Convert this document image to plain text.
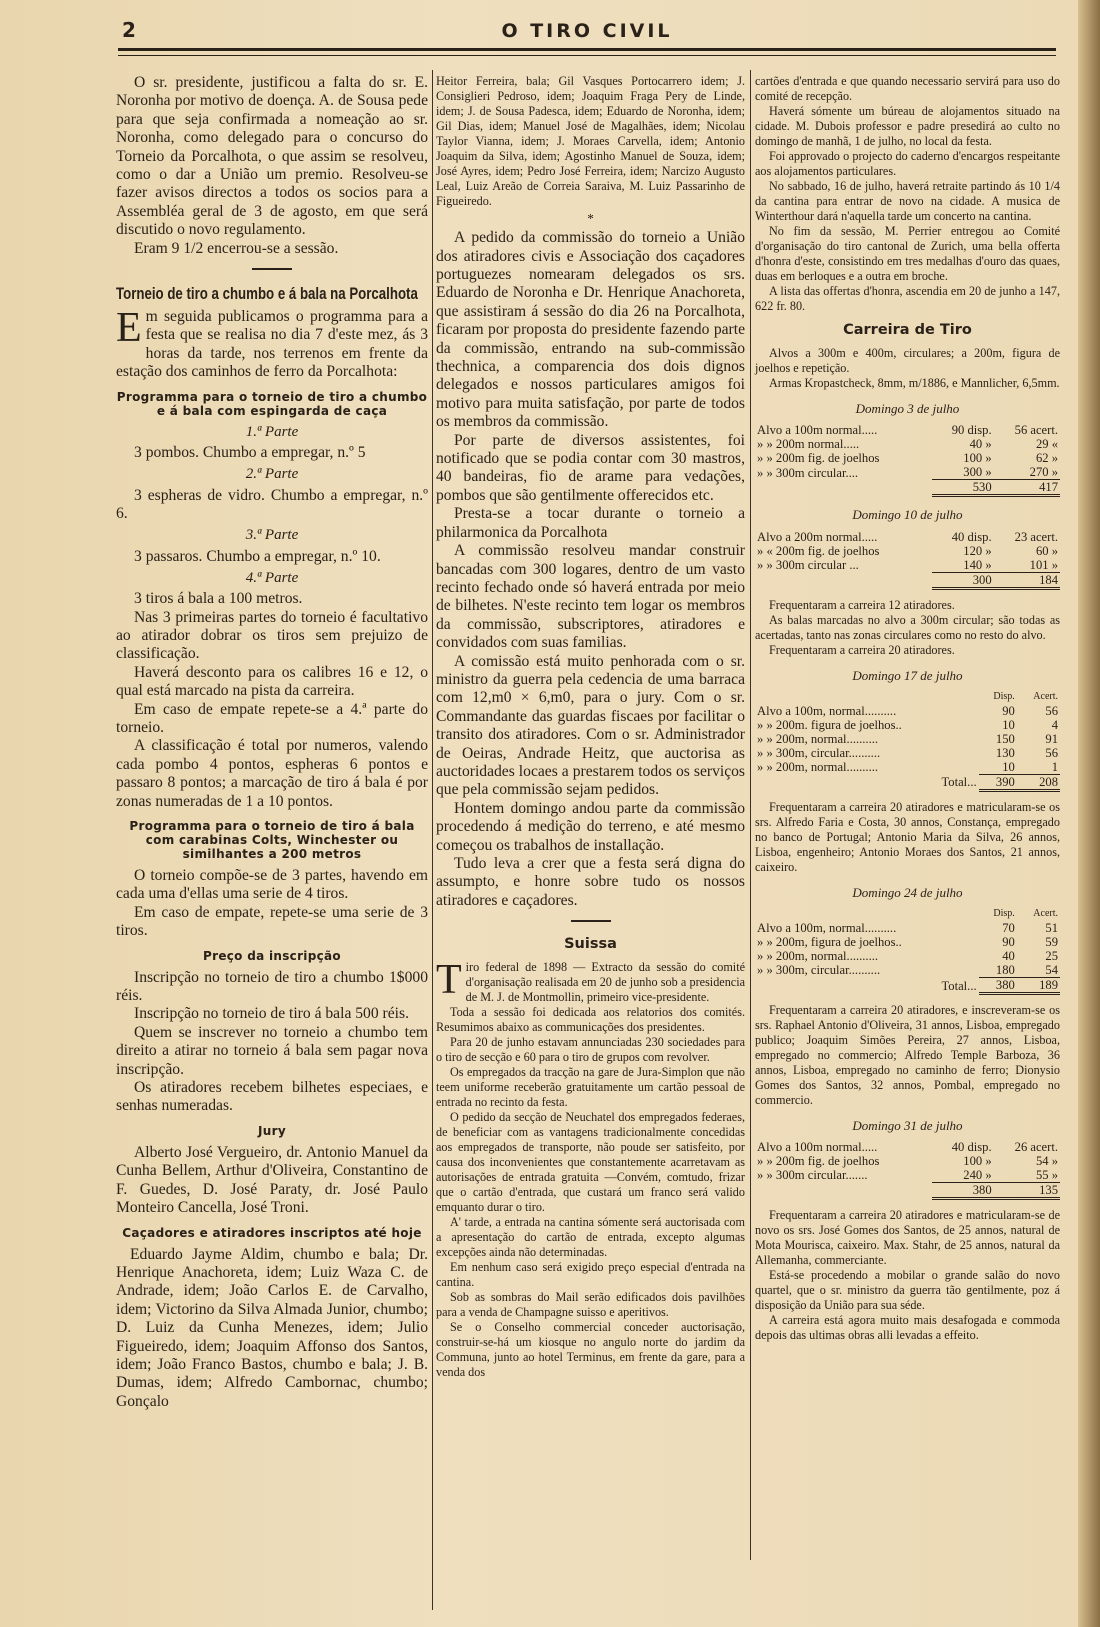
2	O TIRO CIVIL

O sr. presidente, justificou a falta do sr. E. Noronha por motivo de doença. A. de Sousa pede para que seja confirmada a nomeação ao sr. Noronha, como delegado para o concurso do Torneio da Porcalhota, o que assim se resolveu, como o dar a União um premio. Resolveu-se fazer avisos directos a todos os socios para a Assembléa geral de 3 de agosto, em que será discutido o novo regulamento.

Eram 9 1/2 encerrou-se a sessão.

Torneio de tiro a chumbo e á bala na Porcalhota

Em seguida publicamos o programma para a festa que se realisa no dia 7 d'este mez, ás 3 horas da tarde, nos terrenos em frente da estação dos caminhos de ferro da Porcalhota:

Programma para o torneio de tiro a chumbo e á bala com espingarda de caça
1.ª Parte

3 pombos. Chumbo a empregar, n.º 5

2.ª Parte

3 espheras de vidro. Chumbo a empregar, n.º 6.

3.ª Parte

3 passaros. Chumbo a empregar, n.º 10.

4.ª Parte

3 tiros á bala a 100 metros.

Nas 3 primeiras partes do torneio é facultativo ao atirador dobrar os tiros sem prejuizo de classificação.

Haverá desconto para os calibres 16 e 12, o qual está marcado na pista da carreira.

Em caso de empate repete-se a 4.ª parte do torneio.

A classificação é total por numeros, valendo cada pombo 4 pontos, espheras 6 pontos e passaro 8 pontos; a marcação de tiro á bala é por zonas numeradas de 1 a 10 pontos.

Programma para o torneio de tiro á bala com carabinas Colts, Winchester ou similhantes a 200 metros

O torneio compõe-se de 3 partes, havendo em cada uma d'ellas uma serie de 4 tiros.

Em caso de empate, repete-se uma serie de 3 tiros.

Preço da inscripção

Inscripção no torneio de tiro a chumbo 1$000 réis.

Inscripção no torneio de tiro á bala 500 réis.

Quem se inscrever no torneio a chumbo tem direito a atirar no torneio á bala sem pagar nova inscripção.

Os atiradores recebem bilhetes especiaes, e senhas numeradas.

Jury

Alberto José Vergueiro, dr. Antonio Manuel da Cunha Bellem, Arthur d'Oliveira, Constantino de F. Guedes, D. José Paraty, dr. José Paulo Monteiro Cancella, José Troni.

Caçadores e atiradores inscriptos até hoje

Eduardo Jayme Aldim, chumbo e bala; Dr. Henrique Anachoreta, idem; Luiz Waza C. de Andrade, idem; João Carlos E. de Carvalho, idem; Victorino da Silva Almada Junior, chumbo; D. Luiz da Cunha Menezes, idem; Julio Figueiredo, idem; Joaquim Affonso dos Santos, idem; João Franco Bastos, chumbo e bala; J. B. Dumas, idem; Alfredo Cambornac, chumbo; Gonçalo

Heitor Ferreira, bala; Gil Vasques Portocarrero idem; J. Consiglieri Pedroso, idem; Joaquim Fraga Pery de Linde, idem; J. de Sousa Padesca, idem; Eduardo de Noronha, idem; Gil Dias, idem; Manuel José de Magalhães, idem; Nicolau Taylor Vianna, idem; J. Moraes Carvella, idem; Antonio Joaquim da Silva, idem; Agostinho Manuel de Souza, idem; José Ayres, idem; Pedro José Ferreira, idem; Narcizo Augusto Leal, Luiz Areão de Correia Saraiva, M. Luiz Passarinho de Figueiredo.

*

A pedido da commissão do torneio a União dos atiradores civis e Associação dos caçadores portuguezes nomearam delegados os srs. Eduardo de Noronha e Dr. Henrique Anachoreta, que assistiram á sessão do dia 26 na Porcalhota, ficaram por proposta do presidente fazendo parte da commissão, entrando na sub-commissão thechnica, a comparencia dos dois dignos delegados e nossos particulares amigos foi motivo para muita satisfação, por parte de todos os membros da commissão.

Por parte de diversos assistentes, foi notificado que se podia contar com 30 mastros, 40 bandeiras, fio de arame para vedações, pombos que são gentilmente offerecidos etc.

Presta-se a tocar durante o torneio a philarmonica da Porcalhota

A commissão resolveu mandar construir bancadas com 300 logares, dentro de um vasto recinto fechado onde só haverá entrada por meio de bilhetes. N'este recinto tem logar os membros da commissão, subscriptores, atiradores e convidados com suas familias.

A comissão está muito penhorada com o sr. ministro da guerra pela cedencia de uma barraca com 12,m0 × 6,m0, para o jury. Com o sr. Commandante das guardas fiscaes por facilitar o transito dos atiradores. Com o sr. Administrador de Oeiras, Andrade Heitz, que auctorisa as auctoridades locaes a prestarem todos os serviços que pela commissão sejam pedidos.

Hontem domingo andou parte da commissão procedendo á medição do terreno, e até mesmo começou os trabalhos de installação.

Tudo leva a crer que a festa será digna do assumpto, e honre sobre tudo os nossos atiradores e caçadores.

Suissa

Tiro federal de 1898 — Extracto da sessão do comité d'organisação realisada em 20 de junho sob a presidencia de M. J. de Montmollin, primeiro vice-presidente.

Toda a sessão foi dedicada aos relatorios dos comités. Resumimos abaixo as communicações dos presidentes.

Para 20 de junho estavam annunciadas 230 sociedades para o tiro de secção e 60 para o tiro de grupos com revolver.

Os empregados da tracção na gare de Jura-Simplon que não teem uniforme receberão gratuitamente um cartão pessoal de entrada no recinto da festa.

O pedido da secção de Neuchatel dos empregados federaes, de beneficiar com as vantagens tradicionalmente concedidas aos empregados de transporte, não poude ser satisfeito, por causa dos inconvenientes que constantemente acarretavam as autorisações de entrada gratuita —Convém, comtudo, frizar que o cartão d'entrada, que custará um franco será valido emquanto durar o tiro.

A' tarde, a entrada na cantina sómente será auctorisada com a apresentação do cartão de entrada, excepto algumas excepções ainda não determinadas.

Em nenhum caso será exigido preço especial d'entrada na cantina.

Sob as sombras do Mail serão edificados dois pavilhões para a venda de Champagne suisso e aperitivos.

Se o Conselho commercial conceder auctorisação, construir-se-há um kiosque no angulo norte do jardim da Communa, junto ao hotel Terminus, em frente da gare, para a venda dos

cartões d'entrada e que quando necessario servirá para uso do comité de recepção.

Haverá sómente um búreau de alojamentos situado na cidade. M. Dubois professor e padre presedirá ao culto no domingo de manhã, 1 de julho, no local da festa.

Foi approvado o projecto do caderno d'encargos respeitante aos alojamentos particulares.

No sabbado, 16 de julho, haverá retraite partindo ás 10 1/4 da cantina para entrar de novo na cidade. A musica de Winterthour dará n'aquella tarde um concerto na cantina.

No fim da sessão, M. Perrier entregou ao Comité d'organisação do tiro cantonal de Zurich, uma bella offerta d'honra d'este, consistindo em tres medalhas d'ouro das quaes, duas em berloques e a outra em broche.

A lista das offertas d'honra, ascendia em 20 de junho a 147, 622 fr. 80.

Carreira de Tiro

Alvos a 300m e 400m, circulares; a 200m, figura de joelhos e repetição.

Armas Kropastcheck, 8mm, m/1886, e Mannlicher, 6,5mm.

Domingo 3 de julho
Alvo a 100m normal.....	90 disp.	56 acert.
» » 200m normal.....	40 »	29 «
» » 200m fig. de joelhos	100 »	62 »
» » 300m circular....	300 »	270 »
	530	417
Domingo 10 de julho
Alvo a 200m normal.....	40 disp.	23 acert.
» « 200m fig. de joelhos	120 »	60 »
» » 300m circular ...	140 »	101 »
	300	184

Frequentaram a carreira 12 atiradores.

As balas marcadas no alvo a 300m circular; são todas as acertadas, tanto nas zonas circulares como no resto do alvo.

Frequentaram a carreira 20 atiradores.

Domingo 17 de julho
	Disp.	Acert.
Alvo a 100m, normal..........	90	56
» » 200m. figura de joelhos..	10	4
» » 200m, normal..........	150	91
» » 300m, circular..........	130	56
» » 200m, normal..........	10	1
Total...	390	208

Frequentaram a carreira 20 atiradores e matricularam-se os srs. Alfredo Faria e Costa, 30 annos, Constança, empregado no banco de Portugal; Antonio Maria da Silva, 26 annos, Lisboa, engenheiro; Antonio Moraes dos Santos, 21 annos, caixeiro.

Domingo 24 de julho
	Disp.	Acert.
Alvo a 100m, normal..........	70	51
» » 200m, figura de joelhos..	90	59
» » 200m, normal..........	40	25
» » 300m, circular..........	180	54
Total...	380	189

Frequentaram a carreira 20 atiradores, e inscreveram-se os srs. Raphael Antonio d'Oliveira, 31 annos, Lisboa, empregado publico; Joaquim Simões Pereira, 27 annos, Lisboa, empregado no commercio; Alfredo Temple Barboza, 36 annos, Lisboa, empregado no caminho de ferro; Dionysio Gomes dos Santos, 32 annos, Pombal, empregado no commercio.

Domingo 31 de julho
Alvo a 100m normal.....	40 disp.	26 acert.
» » 200m fig. de joelhos	100 »	54 »
» » 300m circular.......	240 »	55 »
	380	135

Frequentaram a carreira 20 atiradores e matricularam-se de novo os srs. José Gomes dos Santos, de 25 annos, natural de Mota Mourisca, caixeiro. Max. Stahr, de 25 annos, natural da Allemanha, commerciante.

Está-se procedendo a mobilar o grande salão do novo quartel, que o sr. ministro da guerra tão gentilmente, poz á disposição da União para sua séde.

A carreira está agora muito mais desafogada e commoda depois das ultimas obras alli levadas a effeito.
